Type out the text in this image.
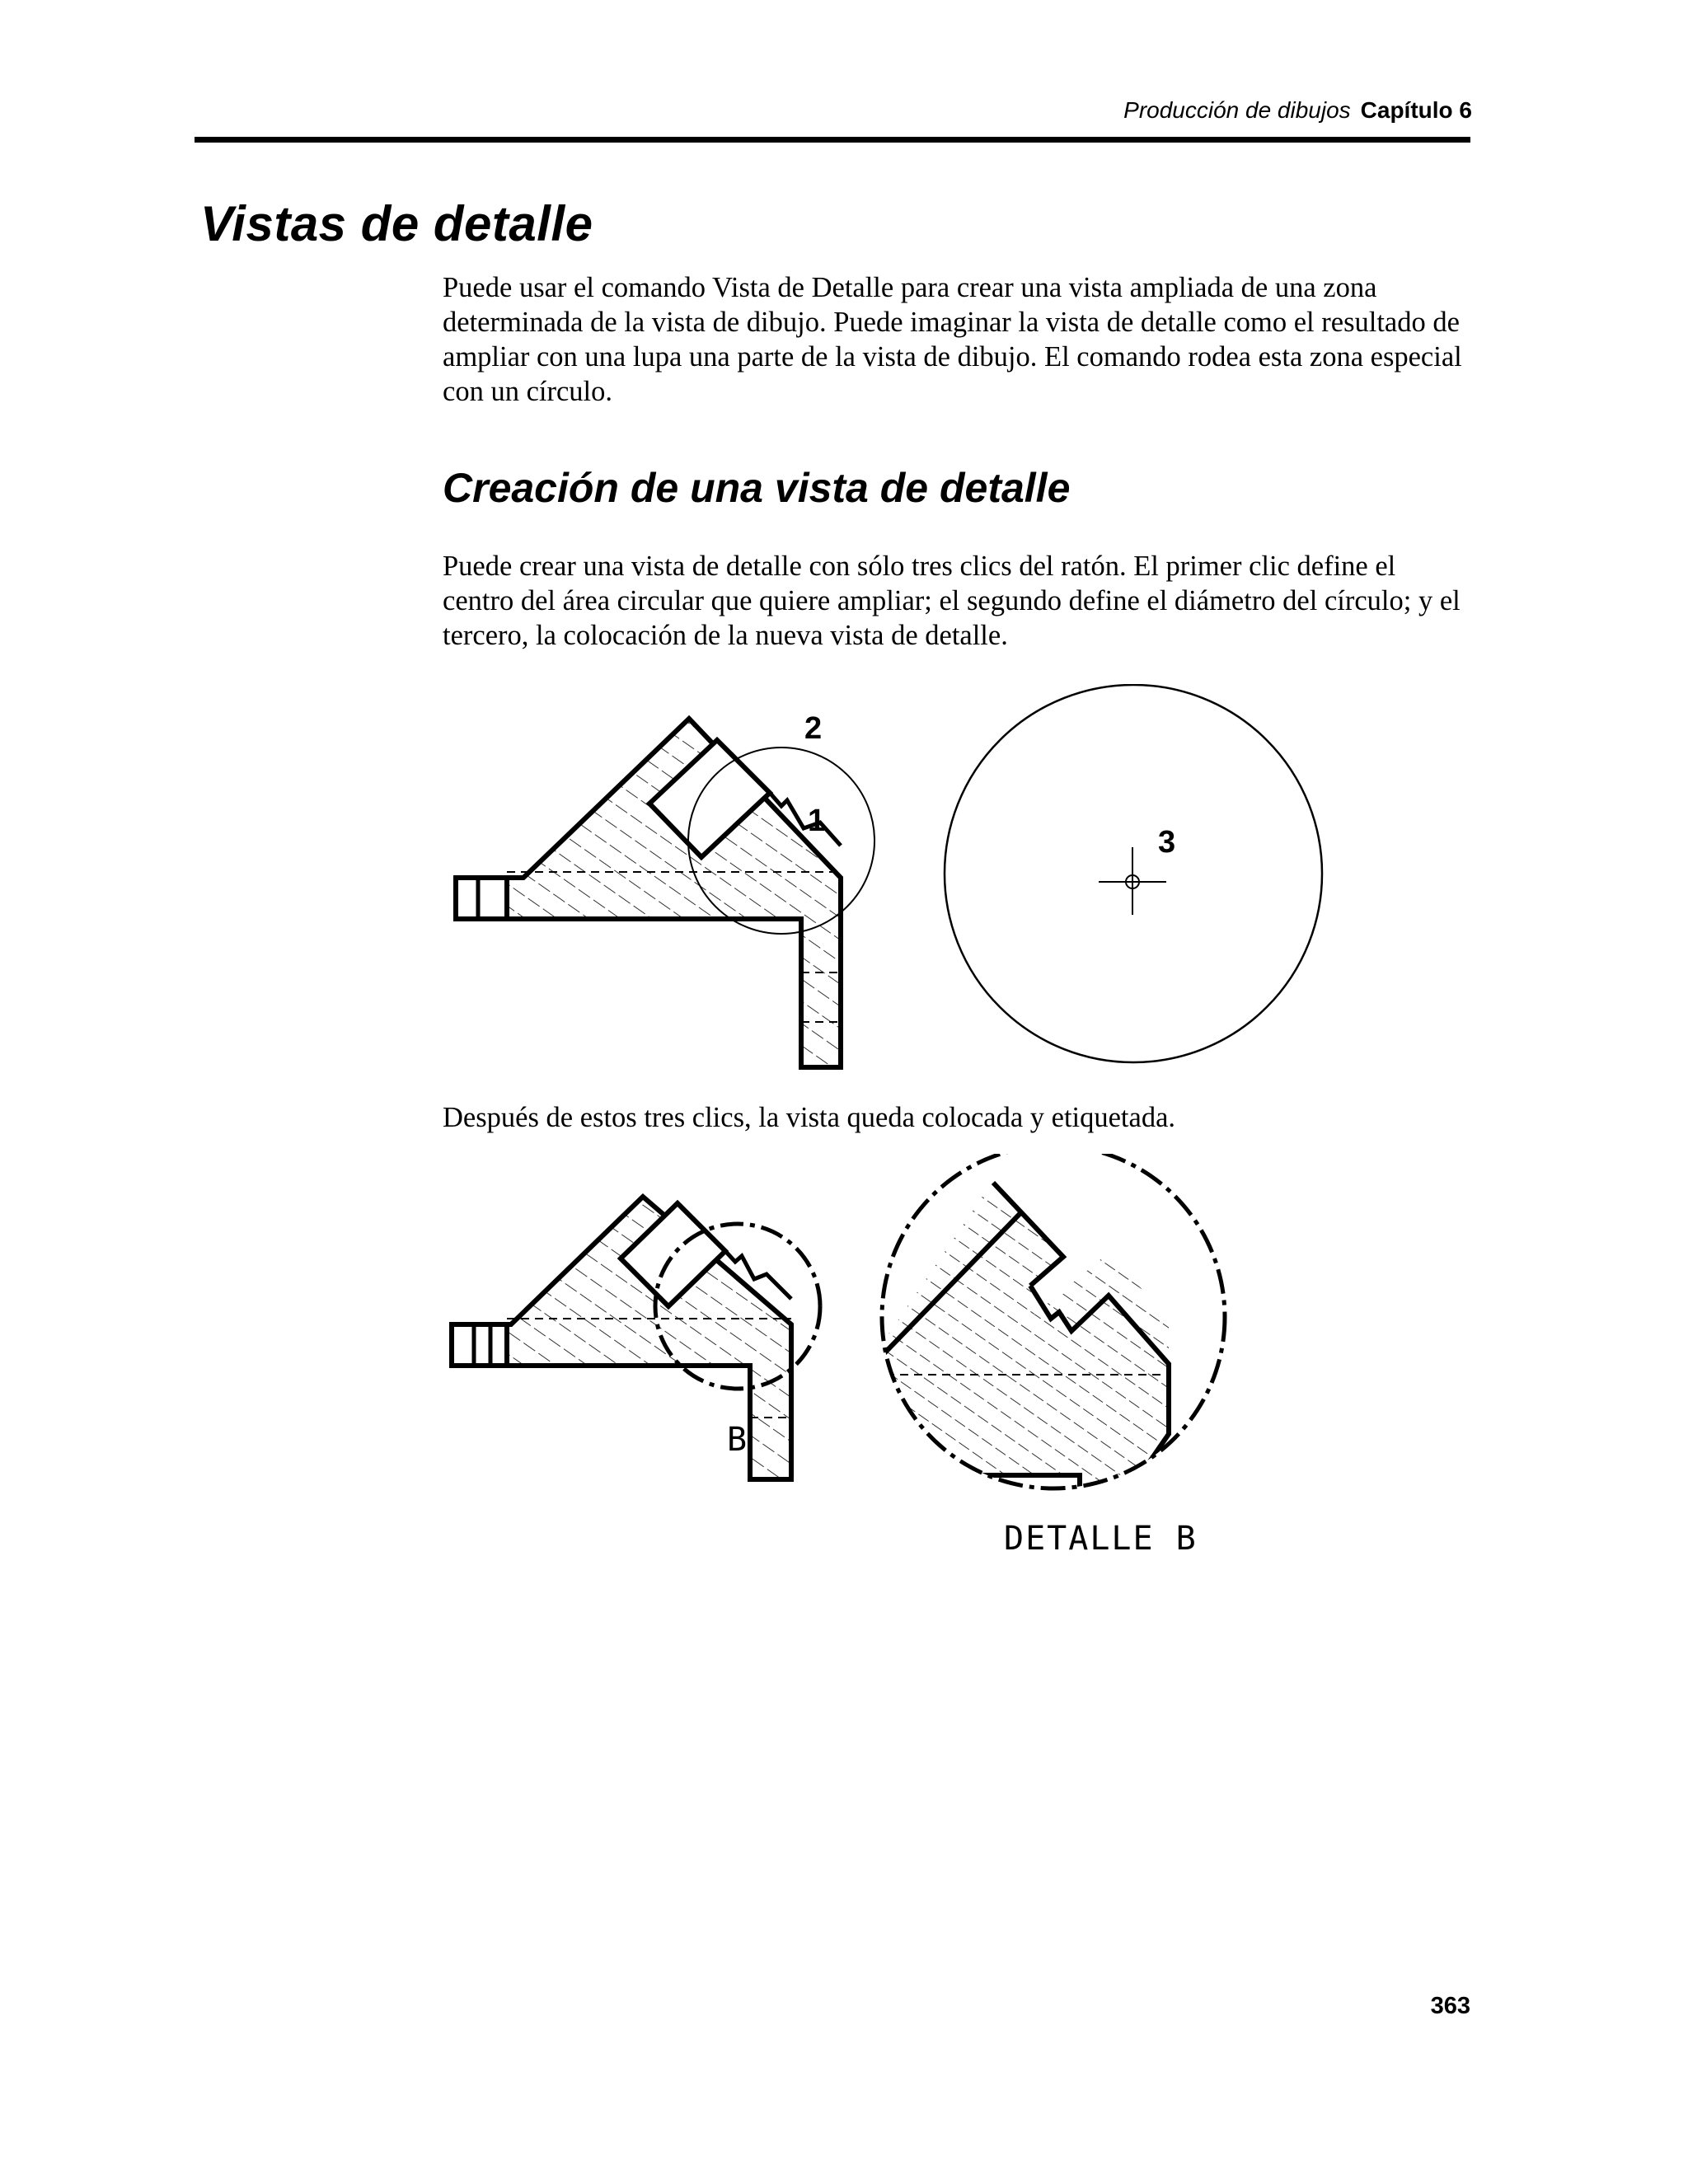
Producción de dibujos Capítulo 6
Vistas de detalle

Puede usar el comando Vista de Detalle para crear una vista ampliada de una zona determinada de la vista de dibujo. Puede imaginar la vista de detalle como el resultado de ampliar con una lupa una parte de la vista de dibujo. El comando rodea esta zona especial con un círculo.

Creación de una vista de detalle

Puede crear una vista de detalle con sólo tres clics del ratón. El primer clic define el centro del área circular que quiere ampliar; el segundo define el diámetro del círculo; y el tercero, la colocación de la nueva vista de detalle.

2
1
3

Después de estos tres clics, la vista queda colocada y etiquetada.

B
DETALLE B
363
